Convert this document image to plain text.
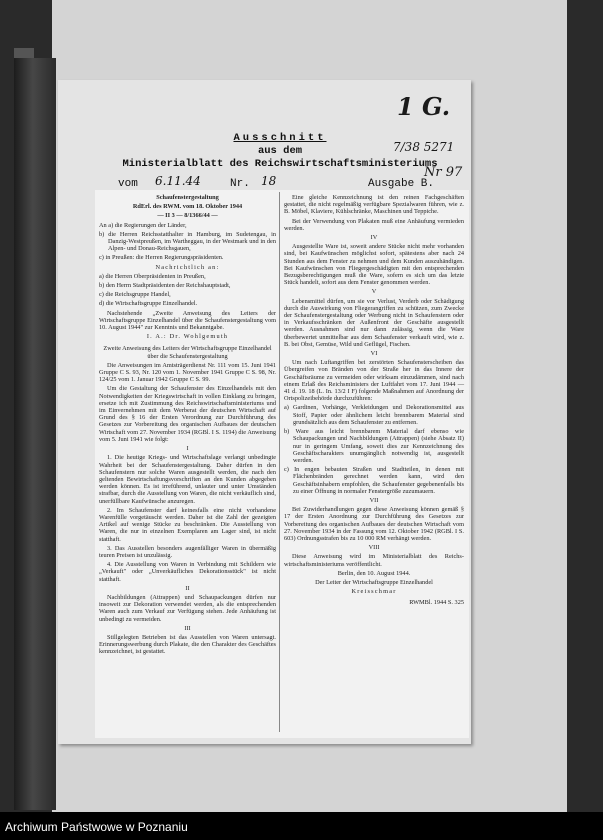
1 G.
7/38 5271
Nr 97
Ausschnitt
aus dem
Ministerialblatt des Reichswirtschaftsministeriums
vom 6.11.44	Nr. 18	Ausgabe B.

Schaufenstergestaltung

RdErl. des RWM. vom 18. Oktober 1944

— II 3 — 8/1366/44 —

An a) die Regierungen der Länder,

b) die Herren Reichsstatthalter in Hamburg, im Sudetengau, in Danzig-Westpreußen, im Wartheggau, in der Westmark und in den Alpen- und Donau-Reichsgauen,

c) in Preußen: die Herren Regierungspräsidenten.

Nachrichtlich an:

a) die Herren Oberpräsidenten in Preußen,

b) den Herrn Stadtpräsidenten der Reichshauptstadt,

c) die Reichsgruppe Handel,

d) die Wirtschaftsgruppe Einzelhandel.

Nachstehende „Zweite Anweisung des Leiters der Wirtschaftsgruppe Einzelhandel über die Schaufenstergestaltung vom 10. August 1944" zur Kenntnis und Bekanntgabe.

I. A.: Dr. Wohlgemuth

Zweite Anweisung des Leiters der Wirtschaftsgruppe Einzelhandel über die Schaufenstergestaltung

Die Anweisungen im Amtsträgerdienst Nr. 111 vom 15. Juni 1941 Gruppe C S. 93, Nr. 120 vom 1. November 1941 Gruppe C S. 98, Nr. 124/25 vom 1. Januar 1942 Gruppe C S. 99.

Um die Gestaltung der Schaufenster des Einzelhandels mit den Notwendigkeiten der Kriegswirtschaft in vollen Einklang zu bringen, ersetze ich mit Zustimmung des Reichswirtschaftsministeriums und im Einvernehmen mit dem Werberat der deutschen Wirtschaft auf Grund des § 16 der Ersten Verordnung zur Durchführung des Gesetzes zur Vorbereitung des organischen Aufbaues der deutschen Wirtschaft vom 27. November 1934 (RGBl. I S. 1194) die Anweisung vom 5. Juni 1941 wie folgt:

I

1. Die heutige Kriegs- und Wirtschaftslage verlangt unbedingte Wahrheit bei der Schaufenstergestaltung. Daher dürfen in den Schaufenstern nur solche Waren ausgestellt werden, die nach den geltenden Bewirtschaftungsvorschriften an den Kunden abgegeben werden können. Es ist irreführend, unlauter und unter Umständen strafbar, durch die Ausstellung von Waren, die nicht verkäuflich sind, unerfüllbare Kaufwünsche anzuregen.

2. Im Schaufenster darf keinesfalls eine nicht vorhandene Warenfülle vorgetäuscht werden. Daher ist die Zahl der gezeigten Artikel auf wenige Stücke zu beschränken. Die Ausstellung von Waren, die nur in einzelnen Exemplaren am Lager sind, ist nicht statthaft.

3. Das Ausstellen besonders augenfälliger Waren in übermäßig teuren Preisen ist unzulässig.

4. Die Ausstellung von Waren in Verbindung mit Schildern wie „Verkauft" oder „Unverkäufliches Dekorationsstück" ist nicht statthaft.

II

Nachbildungen (Attrappen) und Schaupackungen dürfen nur insoweit zur Dekoration verwendet werden, als die entsprechenden Waren auch zum Verkauf zur Verfügung stehen. Jede Anhäufung ist unbedingt zu vermeiden.

III

Stillgelegten Betrieben ist das Ausstellen von Waren untersagt. Erinnerungswerbung durch Plakate, die den Charakter des Geschäftes kennzeichnet, ist gestattet.

Eine gleiche Kennzeichnung ist den reinen Fachgeschäften gestattet, die nicht regelmäßig verfügbare Spezialwaren führen, wie z. B. Möbel, Klaviere, Kühlschränke, Maschinen und Teppiche.

Bei der Verwendung von Plakaten muß eine Anhäufung vermieden werden.

IV

Ausgestellte Ware ist, soweit andere Stücke nicht mehr vorhanden sind, bei Kaufwünschen möglichst sofort, spätestens aber nach 24 Stunden aus dem Fenster zu nehmen und dem Kunden auszuhändigen. Bei Kaufwünschen von Fliegergeschädigten mit den entsprechenden Bezugsberechtigungen muß die Ware, sofern es sich um das letzte Stück handelt, sofort aus dem Fenster genommen werden.

V

Lebensmittel dürfen, um sie vor Verlust, Verderb oder Schädigung durch die Auswirkung von Fliegerangriffen zu schützen, zum Zwecke der Schaufenstergestaltung oder Werbung nicht in Schaufenstern oder in Verkaufsschränken der Außenfront der Geschäfte ausgestellt werden. Ausnahmen sind nur dann zulässig, wenn die Ware überbewertet unmittelbar aus dem Schaufenster verkauft wird, wie z. B. bei Obst, Gemüse, Wild und Geflügel, Fischen.

VI

Um nach Luftangriffen bei zerstörten Schaufensterscheiben das Übergreifen von Bränden von der Straße her in das Innere der Geschäftsräume zu vermeiden oder wirksam einzudämmen, sind nach einem Erlaß des Reichsministers der Luftfahrt vom 17. Juni 1944 — 41 d. 19. 18 (L. In. 13/2 I F) folgende Maßnahmen auf Anordnung der Ortspolizeibehörde durchzuführen:

a) Gardinen, Vorhänge, Verkleidungen und Dekorationsmittel aus Stoff, Papier oder ähnlichem leicht brennbarem Material sind grundsätzlich aus dem Schaufenster zu entfernen.

b) Ware aus leicht brennbarem Material darf ebenso wie Schaupackungen und Nachbildungen (Attrappen) (siehe Absatz II) nur in geringem Umfang, soweit dies zur Kennzeichnung des Geschäftscharakters unumgänglich notwendig ist, ausgestellt werden.

c) In engen bebauten Straßen und Stadtteilen, in denen mit Flächenbränden gerechnet werden kann, wird den Geschäftsinhabern empfohlen, die Schaufenster gegebenenfalls bis zu einer Öffnung in normaler Fenstergröße zuzumauern.

VII

Bei Zuwiderhandlungen gegen diese Anweisung können gemäß § 17 der Ersten Anordnung zur Durchführung des Gesetzes zur Vorbereitung des organischen Aufbaues der deutschen Wirtschaft vom 27. November 1934 in der Fassung vom 12. Oktober 1942 (RGBl. I S. 603) Ordnungsstrafen bis zu 10 000 RM verhängt werden.

VIII

Diese Anweisung wird im Ministerialblatt des Reichswirtschaftsministeriums veröffentlicht.

Berlin, den 10. August 1944.

Der Leiter der Wirtschaftsgruppe Einzelhandel

Kreisschmar

RWMBl. 1944 S. 325

Archiwum Państwowe w Poznaniu
